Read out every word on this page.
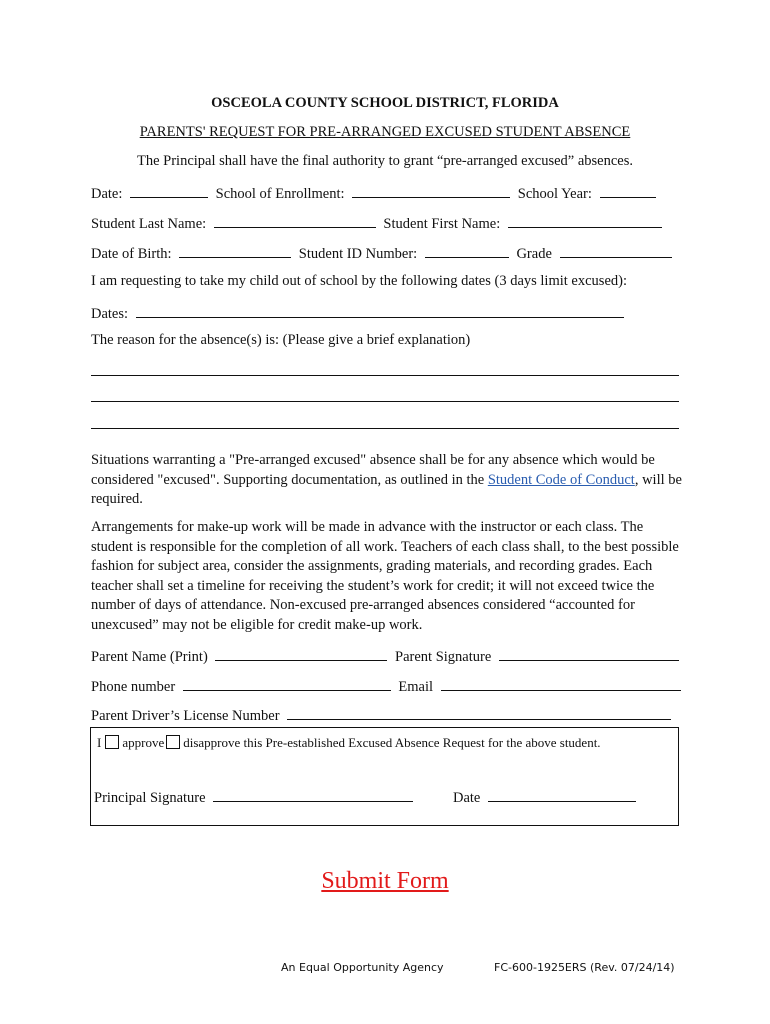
OSCEOLA COUNTY SCHOOL DISTRICT, FLORIDA
PARENTS' REQUEST FOR PRE-ARRANGED EXCUSED STUDENT ABSENCE
The Principal shall have the final authority to grant “pre-arranged excused” absences.
Date:	School of Enrollment:	School Year:
Student Last Name:	Student First Name:
Date of Birth:	Student ID Number:	Grade
I am requesting to take my child out of school by the following dates (3 days limit excused):
Dates:
The reason for the absence(s) is: (Please give a brief explanation)
Situations warranting a "Pre-arranged excused" absence shall be for any absence which would be considered "excused". Supporting documentation, as outlined in the Student Code of Conduct, will be required.
Arrangements for make-up work will be made in advance with the instructor or each class. The student is responsible for the completion of all work. Teachers of each class shall, to the best possible fashion for subject area, consider the assignments, grading materials, and recording grades. Each teacher shall set a timeline for receiving the student’s work for credit; it will not exceed twice the number of days of attendance. Non-excused pre-arranged absences considered “accounted for unexcused” may not be eligible for credit make-up work.
Parent Name (Print)	Parent Signature
Phone number	Email
Parent Driver’s License Number
I approve disapprove this Pre-established Excused Absence Request for the above student.
Principal Signature	Date
Submit Form
An Equal Opportunity Agency	FC-600-1925ERS (Rev. 07/24/14)
